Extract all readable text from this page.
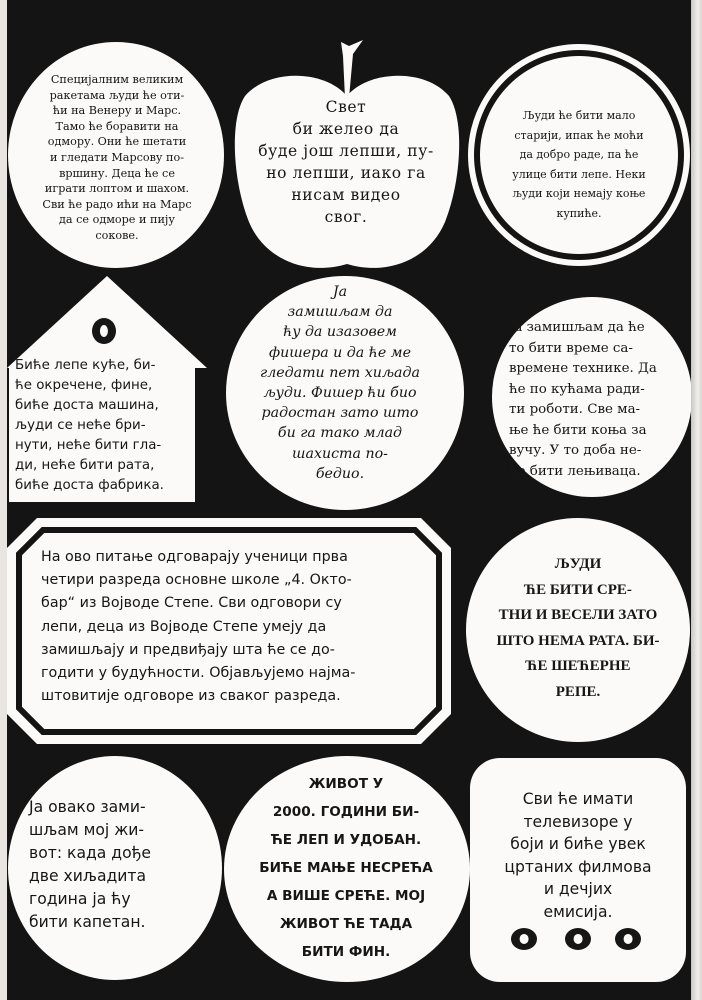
Специјалним великим
ракетама људи ће оти-
ћи на Венеру и Марс.
Тамо ће боравити на
одмору. Они ће шетати
и гледати Марсову по-
вршину. Деца ће се
играти лоптом и шахом.
Сви ће радо ићи на Марс
да се одморе и пију
сокове.
Свет
би желео да
буде још лепши, пу-
но лепши, иако га
нисам видео
свог.
Људи ће бити мало
старији, ипак ће моћи
да добро раде, па ће
улице бити лепе. Неки
људи који немају коње
купиће.
Биће лепе куће, би-
ће окречене, фине,
биће доста машина,
људи се неће бри-
нути, неће бити гла-
ди, неће бити рата,
биће доста фабрика.
Ја
замишљам да
ћу да изазовем
фишера и да ће ме
гледати пет хиљада
људи. Фишер ћи био
радостан зато што
би га тако млад
шахиста по-
бедио.
Ја замишљам да ће
то бити време са-
времене технике. Да
ће по кућама ради-
ти роботи. Све ма-
ње ће бити коња за
вучу. У то доба не-
ће бити лењиваца.
На ово питање одговарају ученици прва
четири разреда основне школе „4. Окто-
бар“ из Војводе Степе. Сви одговори су
лепи, деца из Војводе Степе умеју да
замишљају и предвиђају шта ће се до-
годити у будућности. Објављујемо најма-
штовитије одговоре из сваког разреда.
ЉУДИ
ЋЕ БИТИ СРЕ-
ТНИ И ВЕСЕЛИ ЗАТО
ШТО НЕМА РАТА. БИ-
ЋЕ ШЕЋЕРНЕ
РЕПЕ.
Ја овако зами-
шљам мој жи-
вот: када дође
две хиљадита
година ја ћу
бити капетан.
ЖИВОТ У
2000. ГОДИНИ БИ-
ЋЕ ЛЕП И УДОБАН.
БИЋЕ МАЊЕ НЕСРЕЋА
А ВИШЕ СРЕЋЕ. МОЈ
ЖИВОТ ЋЕ ТАДА
БИТИ ФИН.
Сви ће имати
телевизоре у
боји и биће увек
цртаних филмова
и дечјих
емисија.
